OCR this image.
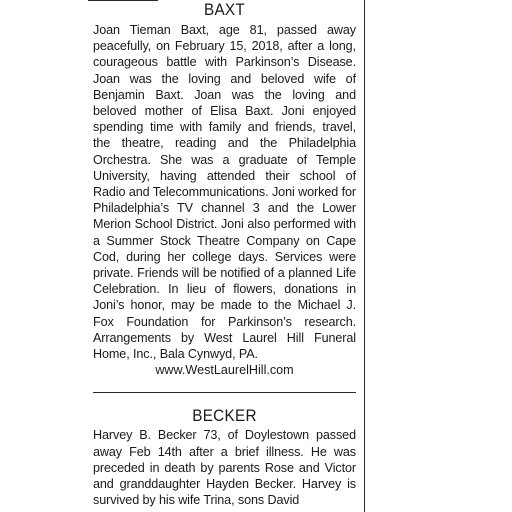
BAXT

Joan Tieman Baxt, age 81, passed away peacefully, on February 15, 2018, after a long, courageous battle with Parkinson’s Disease. Joan was the loving and beloved wife of Benjamin Baxt. Joan was the loving and beloved mother of Elisa Baxt. Joni enjoyed spending time with family and friends, travel, the theatre, reading and the Philadelphia Orchestra. She was a graduate of Temple University, having attended their school of Radio and Telecommunications. Joni worked for Philadelphia’s TV channel 3 and the Lower Merion School District. Joni also performed with a Summer Stock Theatre Company on Cape Cod, during her college days. Services were private. Friends will be notified of a planned Life Celebration. In lieu of flowers, donations in Joni’s honor, may be made to the Michael J. Fox Foundation for Parkinson’s research. Arrangements by West Laurel Hill Funeral Home, Inc., Bala Cynwyd, PA.

www.WestLaurelHill.com
BECKER

Harvey B. Becker 73, of Doylestown passed away Feb 14th after a brief illness. He was preceded in death by parents Rose and Victor and granddaughter Hayden Becker. Harvey is survived by his wife Trina, sons David
